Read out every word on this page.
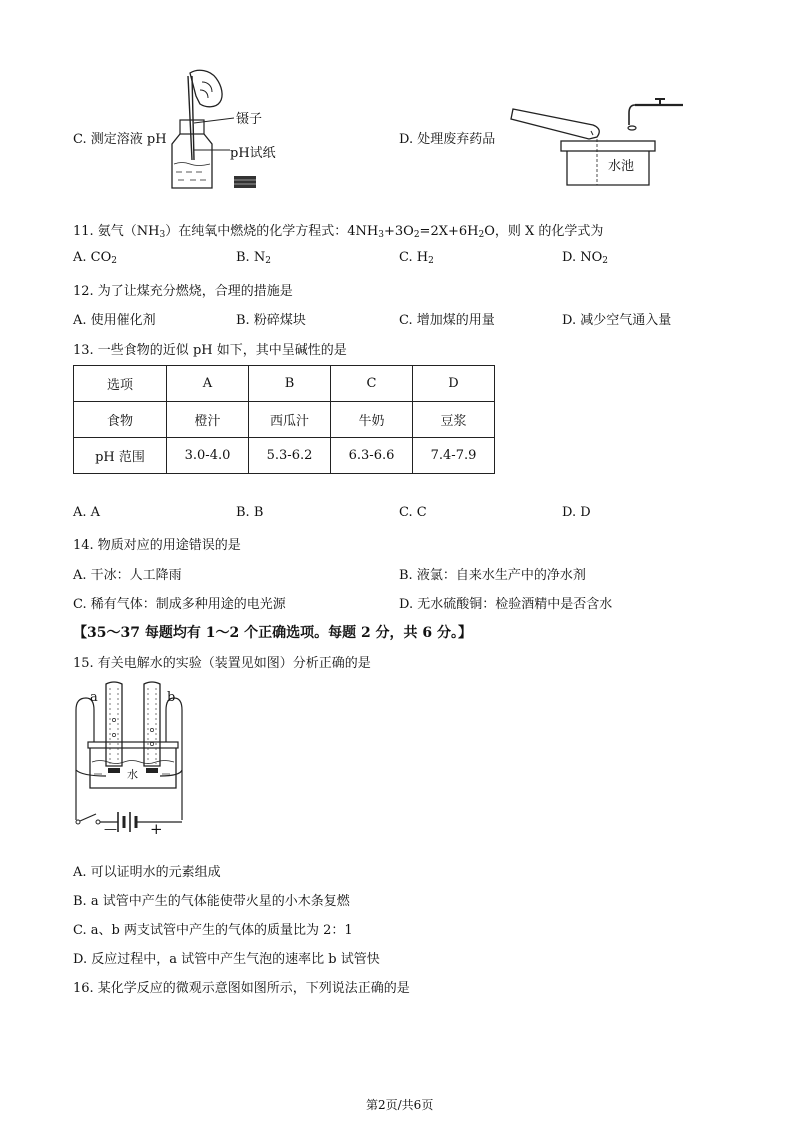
C. 测定溶液 pH
镊子
pH试纸
D. 处理废弃药品
水池
11. 氨气$(NH_3)$在纯氧中燃烧的化学方程式：$4NH_3+3O_2=2X+6H_2O$，则 X 的化学式为
A. $CO_2$	B. $N_2$	C. $H_2$	D. $NO_2$
12. 为了让煤充分燃烧，合理的措施是
A. 使用催化剂	B. 粉碎煤块	C. 增加煤的用量	D. 减少空气通入量
13. 一些食物的近似 pH 如下，其中呈碱性的是
选项	A	B	C	D
食物	橙汁	西瓜汁	牛奶	豆浆
pH 范围	3.0-4.0	5.3-6.2	6.3-6.6	7.4-7.9
A. A	B. B	C. C	D. D
14. 物质对应的用途错误的是
A. 干冰：人工降雨	B. 液氯：自来水生产中的净水剂
C. 稀有气体：制成多种用途的电光源	D. 无水硫酸铜：检验酒精中是否含水
【35～37 每题均有 1～2 个正确选项。每题 2 分，共 6 分。】
15. 有关电解水的实验（装置见如图）分析正确的是
a	b
水
— +
A. 可以证明水的元素组成
B. a 试管中产生的气体能使带火星的小木条复燃
C. a、b 两支试管中产生的气体的质量比为 2：1
D. 反应过程中，a 试管中产生气泡的速率比 b 试管快
16. 某化学反应的微观示意图如图所示，下列说法正确的是
第2页/共6页
